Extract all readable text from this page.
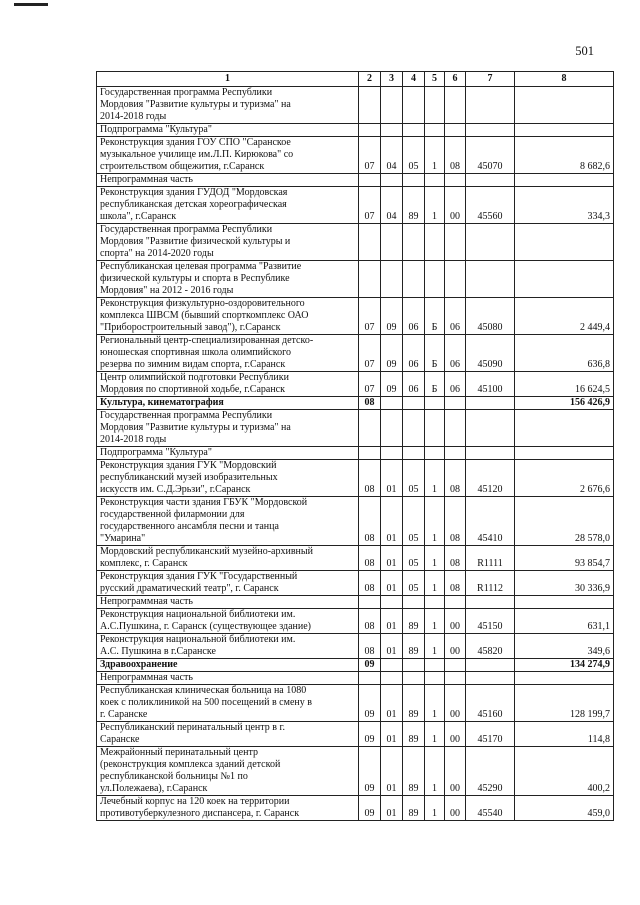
501
1	2	3	4	5	6	7	8

Государственная программа Республики
Мордовия "Развитие культуры и туризма" на
2014-2018 годы							

Подпрограмма "Культура"							

Реконструкция здания ГОУ СПО "Саранское
музыкальное училище им.Л.П. Кирюкова" со
строительством общежития, г.Саранск	07	04	05	1	08	45070	8 682,6

Непрограммная часть							

Реконструкция здания ГУДОД "Мордовская
республиканская детская хореографическая
школа", г.Саранск	07	04	89	1	00	45560	334,3

Государственная программа Республики
Мордовия "Развитие физической культуры и
спорта" на 2014-2020 годы							

Республиканская целевая программа "Развитие
физической культуры и спорта в Республике
Мордовия" на 2012 - 2016 годы							

Реконструкция физкультурно-оздоровительного
комплекса ШВСМ (бывший спорткомплекс ОАО
"Приборостроительный завод"), г.Саранск	07	09	06	Б	06	45080	2 449,4

Региональный центр-специализированная детско-
юношеская спортивная школа олимпийского
резерва по зимним видам спорта, г.Саранск	07	09	06	Б	06	45090	636,8

Центр олимпийской подготовки Республики
Мордовия по спортивной ходьбе, г.Саранск	07	09	06	Б	06	45100	16 624,5

Культура, кинематография	08						156 426,9

Государственная программа Республики
Мордовия "Развитие культуры и туризма" на
2014-2018 годы							

Подпрограмма "Культура"							

Реконструкция здания ГУК "Мордовский
республиканский музей изобразительных
искусств им. С.Д.Эрьзи", г.Саранск	08	01	05	1	08	45120	2 676,6

Реконструкция части здания ГБУК "Мордовской
государственной филармонии для
государственного ансамбля песни и танца
"Умарина"	08	01	05	1	08	45410	28 578,0

Мордовский республиканский музейно-архивный
комплекс, г. Саранск	08	01	05	1	08	R1111	93 854,7

Реконструкция здания ГУК "Государственный
русский драматический театр", г. Саранск	08	01	05	1	08	R1112	30 336,9

Непрограммная часть							

Реконструкция национальной библиотеки им.
А.С.Пушкина, г. Саранск (существующее здание)	08	01	89	1	00	45150	631,1

Реконструкция национальной библиотеки им.
А.С. Пушкина в г.Саранске	08	01	89	1	00	45820	349,6

Здравоохранение	09						134 274,9

Непрограммная часть							

Республиканская клиническая больница на 1080
коек с поликлиникой на 500 посещений в смену в
г. Саранске	09	01	89	1	00	45160	128 199,7

Республиканский перинатальный центр в г.
Саранске	09	01	89	1	00	45170	114,8

Межрайонный перинатальный центр
(реконструкция комплекса зданий детской
республиканской больницы №1 по
ул.Полежаева), г.Саранск	09	01	89	1	00	45290	400,2

Лечебный корпус на 120 коек на территории
противотуберкулезного диспансера, г. Саранск	09	01	89	1	00	45540	459,0
